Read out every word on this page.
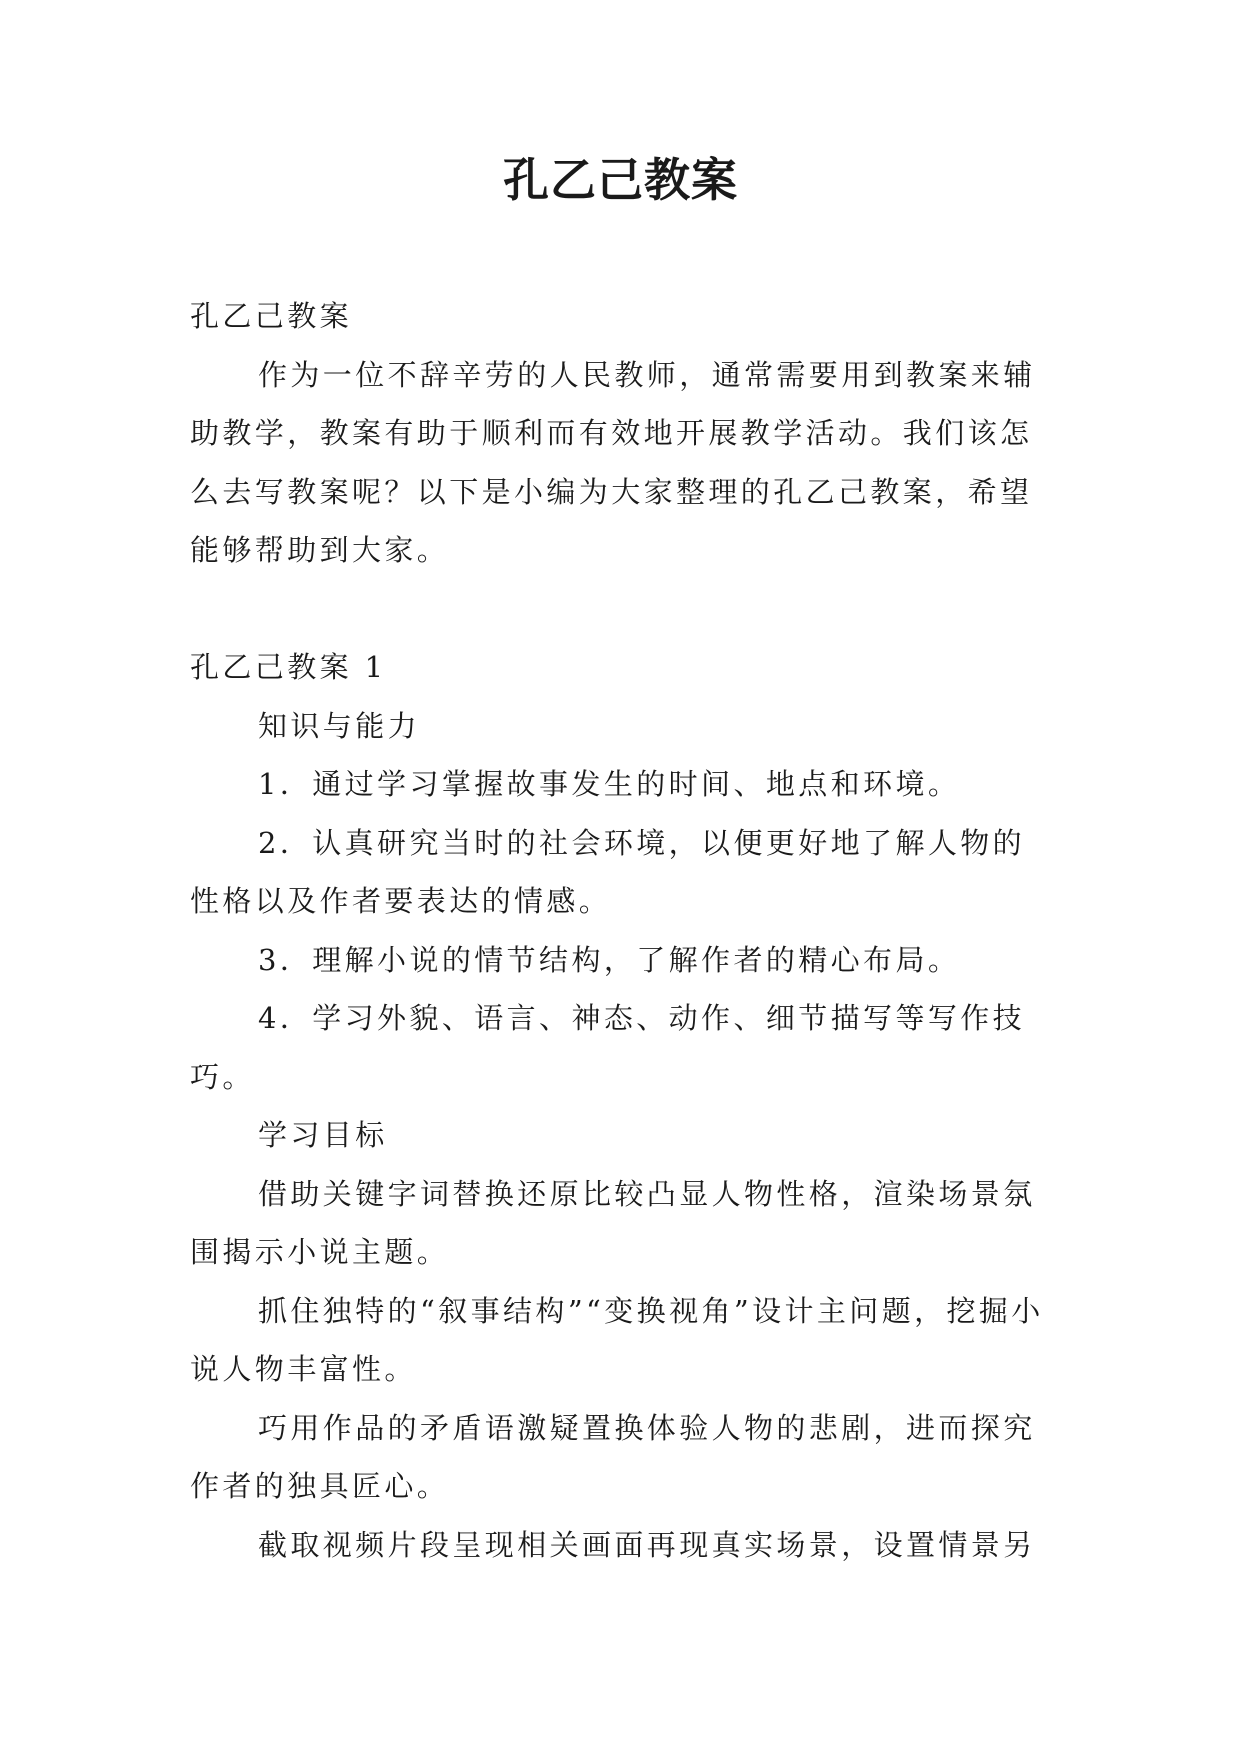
孔乙己教案

孔乙己教案

作为一位不辞辛劳的人民教师，通常需要用到教案来辅助教学，教案有助于顺利而有效地开展教学活动。我们该怎么去写教案呢？以下是小编为大家整理的孔乙己教案，希望能够帮助到大家。

孔乙己教案 1

知识与能力

1．通过学习掌握故事发生的时间、地点和环境。

2．认真研究当时的社会环境，以便更好地了解人物的性格以及作者要表达的情感。

3．理解小说的情节结构，了解作者的精心布局。

4．学习外貌、语言、神态、动作、细节描写等写作技巧。

学习目标

借助关键字词替换还原比较凸显人物性格，渲染场景氛围揭示小说主题。

抓住独特的“叙事结构”“变换视角”设计主问题，挖掘小说人物丰富性。

巧用作品的矛盾语激疑置换体验人物的悲剧，进而探究作者的独具匠心。

截取视频片段呈现相关画面再现真实场景，设置情景另
